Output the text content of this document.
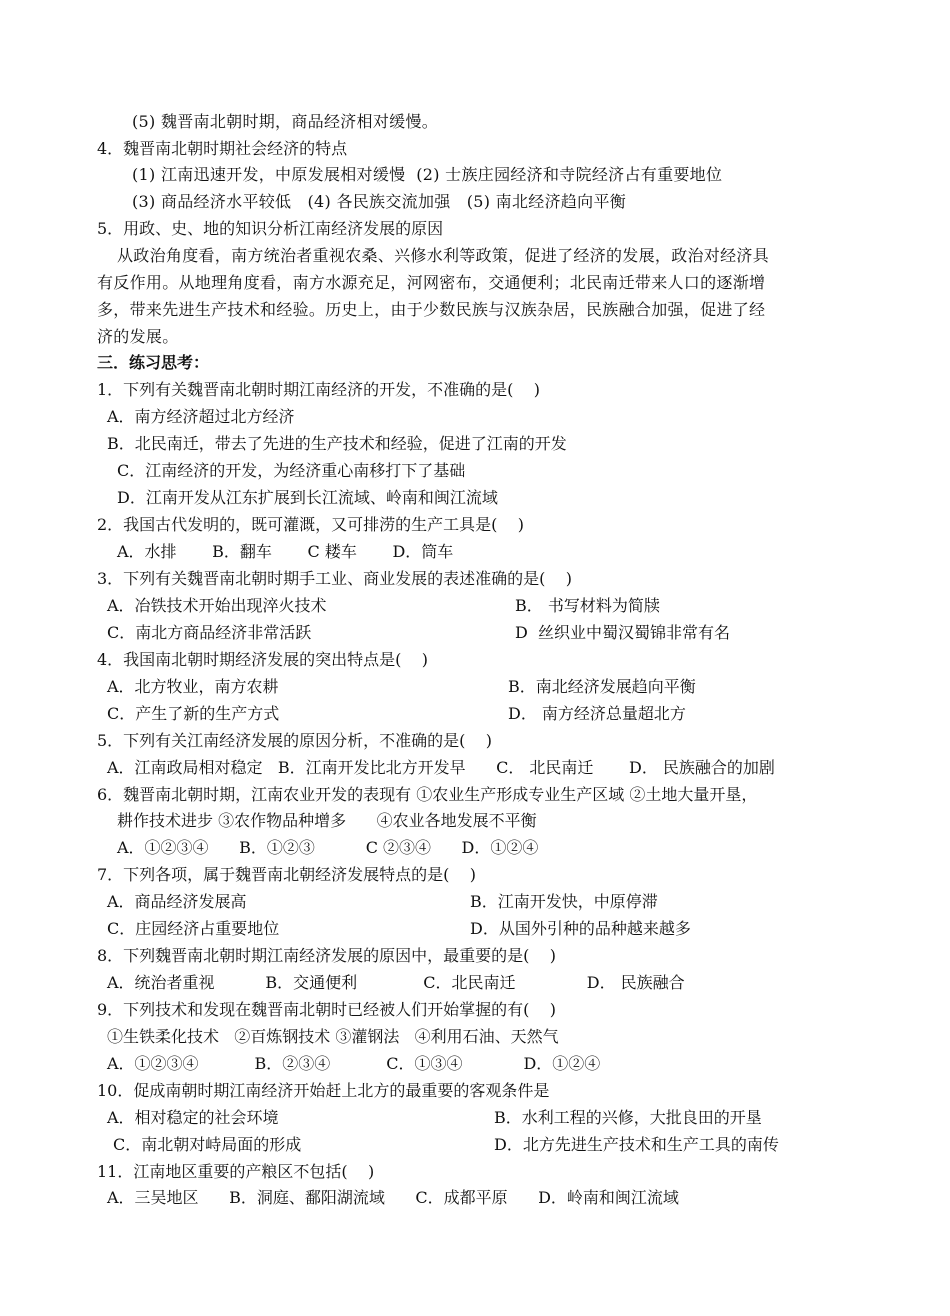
(5) 魏晋南北朝时期，商品经济相对缓慢。
4．魏晋南北朝时期社会经济的特点
(1) 江南迅速开发，中原发展相对缓慢  (2) 士族庄园经济和寺院经济占有重要地位
(3) 商品经济水平较低   (4) 各民族交流加强   (5) 南北经济趋向平衡
5．用政、史、地的知识分析江南经济发展的原因
从政治角度看，南方统治者重视农桑、兴修水利等政策，促进了经济的发展，政治对经济具
有反作用。从地理角度看，南方水源充足，河网密布，交通便利；北民南迁带来人口的逐渐增
多，带来先进生产技术和经验。历史上，由于少数民族与汉族杂居，民族融合加强，促进了经
济的发展。
三．练习思考：
1．下列有关魏晋南北朝时期江南经济的开发，不准确的是(    )
A．南方经济超过北方经济
B．北民南迁，带去了先进的生产技术和经验，促进了江南的开发
C．江南经济的开发，为经济重心南移打下了基础
D．江南开发从江东扩展到长江流域、岭南和闽江流域
2．我国古代发明的，既可灌溉，又可排涝的生产工具是(    )
A．水排       B．翻车       C 耧车       D．筒车
3．下列有关魏晋南北朝时期手工业、商业发展的表述准确的是(    )
A．冶铁技术开始出现淬火技术	B． 书写材料为简牍
C．南北方商品经济非常活跃	D  丝织业中蜀汉蜀锦非常有名
4．我国南北朝时期经济发展的突出特点是(    )
A．北方牧业，南方农耕	B．南北经济发展趋向平衡
C．产生了新的生产方式	D． 南方经济总量超北方
5．下列有关江南经济发展的原因分析，不准确的是(    )
A．江南政局相对稳定   B．江南开发比北方开发早      C． 北民南迁       D． 民族融合的加剧
6．魏晋南北朝时期，江南农业开发的表现有 ①农业生产形成专业生产区域 ②土地大量开垦，
耕作技术进步 ③农作物品种增多      ④农业各地发展不平衡
A．①②③④      B．①②③          C ②③④      D．①②④
7．下列各项，属于魏晋南北朝经济发展特点的是(    )
A．商品经济发展高	B．江南开发快，中原停滞
C．庄园经济占重要地位	D．从国外引种的品种越来越多
8．下列魏晋南北朝时期江南经济发展的原因中，最重要的是(    )
A．统治者重视          B．交通便利             C．北民南迁              D． 民族融合
9．下列技术和发现在魏晋南北朝时已经被人们开始掌握的有(    )
①生铁柔化技术   ②百炼钢技术 ③灌钢法   ④利用石油、天然气
A．①②③④           B．②③④           C．①③④            D．①②④
10．促成南朝时期江南经济开始赶上北方的最重要的客观条件是
A．相对稳定的社会环境	B．水利工程的兴修，大批良田的开垦
C．南北朝对峙局面的形成	D．北方先进生产技术和生产工具的南传
11．江南地区重要的产粮区不包括(    )
A．三吴地区      B．洞庭、鄱阳湖流域      C．成都平原      D．岭南和闽江流域
